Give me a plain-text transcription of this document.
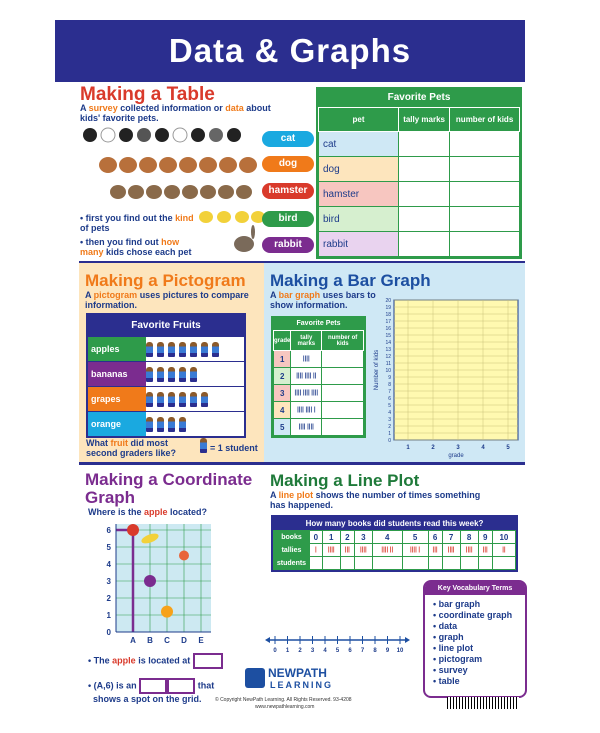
Data & Graphs
Making a Table
A survey collected information or data about kids' favorite pets.
cat
dog
hamster
bird
rabbit
• first you find out the kind of pets
• then you find out how many kids chose each pet
Favorite Pets
pet	tally marks	number of kids
cat		
dog		
hamster		
bird		
rabbit		
Making a Pictogram
A pictogram uses pictures to compare information.
Favorite Fruits
apples
bananas
grapes
orange
What fruit did most second graders like?	= 1 student
Making a Bar Graph
A bar graph uses bars to show information.
Favorite Pets
grade	tally marks	number of kids
1	||||	
2	|||| |||| ||	
3	|||| |||| ||||	
4	|||| |||| |	
5	|||| ||||	
0
1
2
3
4
5
6
7
8
9
10
11
12
13
14
15
16
17
18
19
20
1	2	3	4	5
grade
Number of kids
Making a Coordinate Graph
Where is the apple located?
0
1
2
3
4
5
6
A B C D E
• The apple is located at
• (A,6) is an	that
shows a spot on the grid.
Making a Line Plot
A line plot shows the number of times something has happened.
How many books did students read this week?
books	0	1	2	3	4	5	6	7	8	9	10
tallies	|	||||	|||	||||	|||| ||	|||| |	|||	||||	||||	|||	||
students											
0 1 2 3 4 5 6 7 8 9 10
Key Vocabulary Terms
• bar graph
• coordinate graph
• data
• graph
• line plot
• pictogram
• survey
• table
NEWPATH
LEARNING
© Copyright NewPath Learning. All Rights Reserved. 93-4208
www.newpathlearning.com
